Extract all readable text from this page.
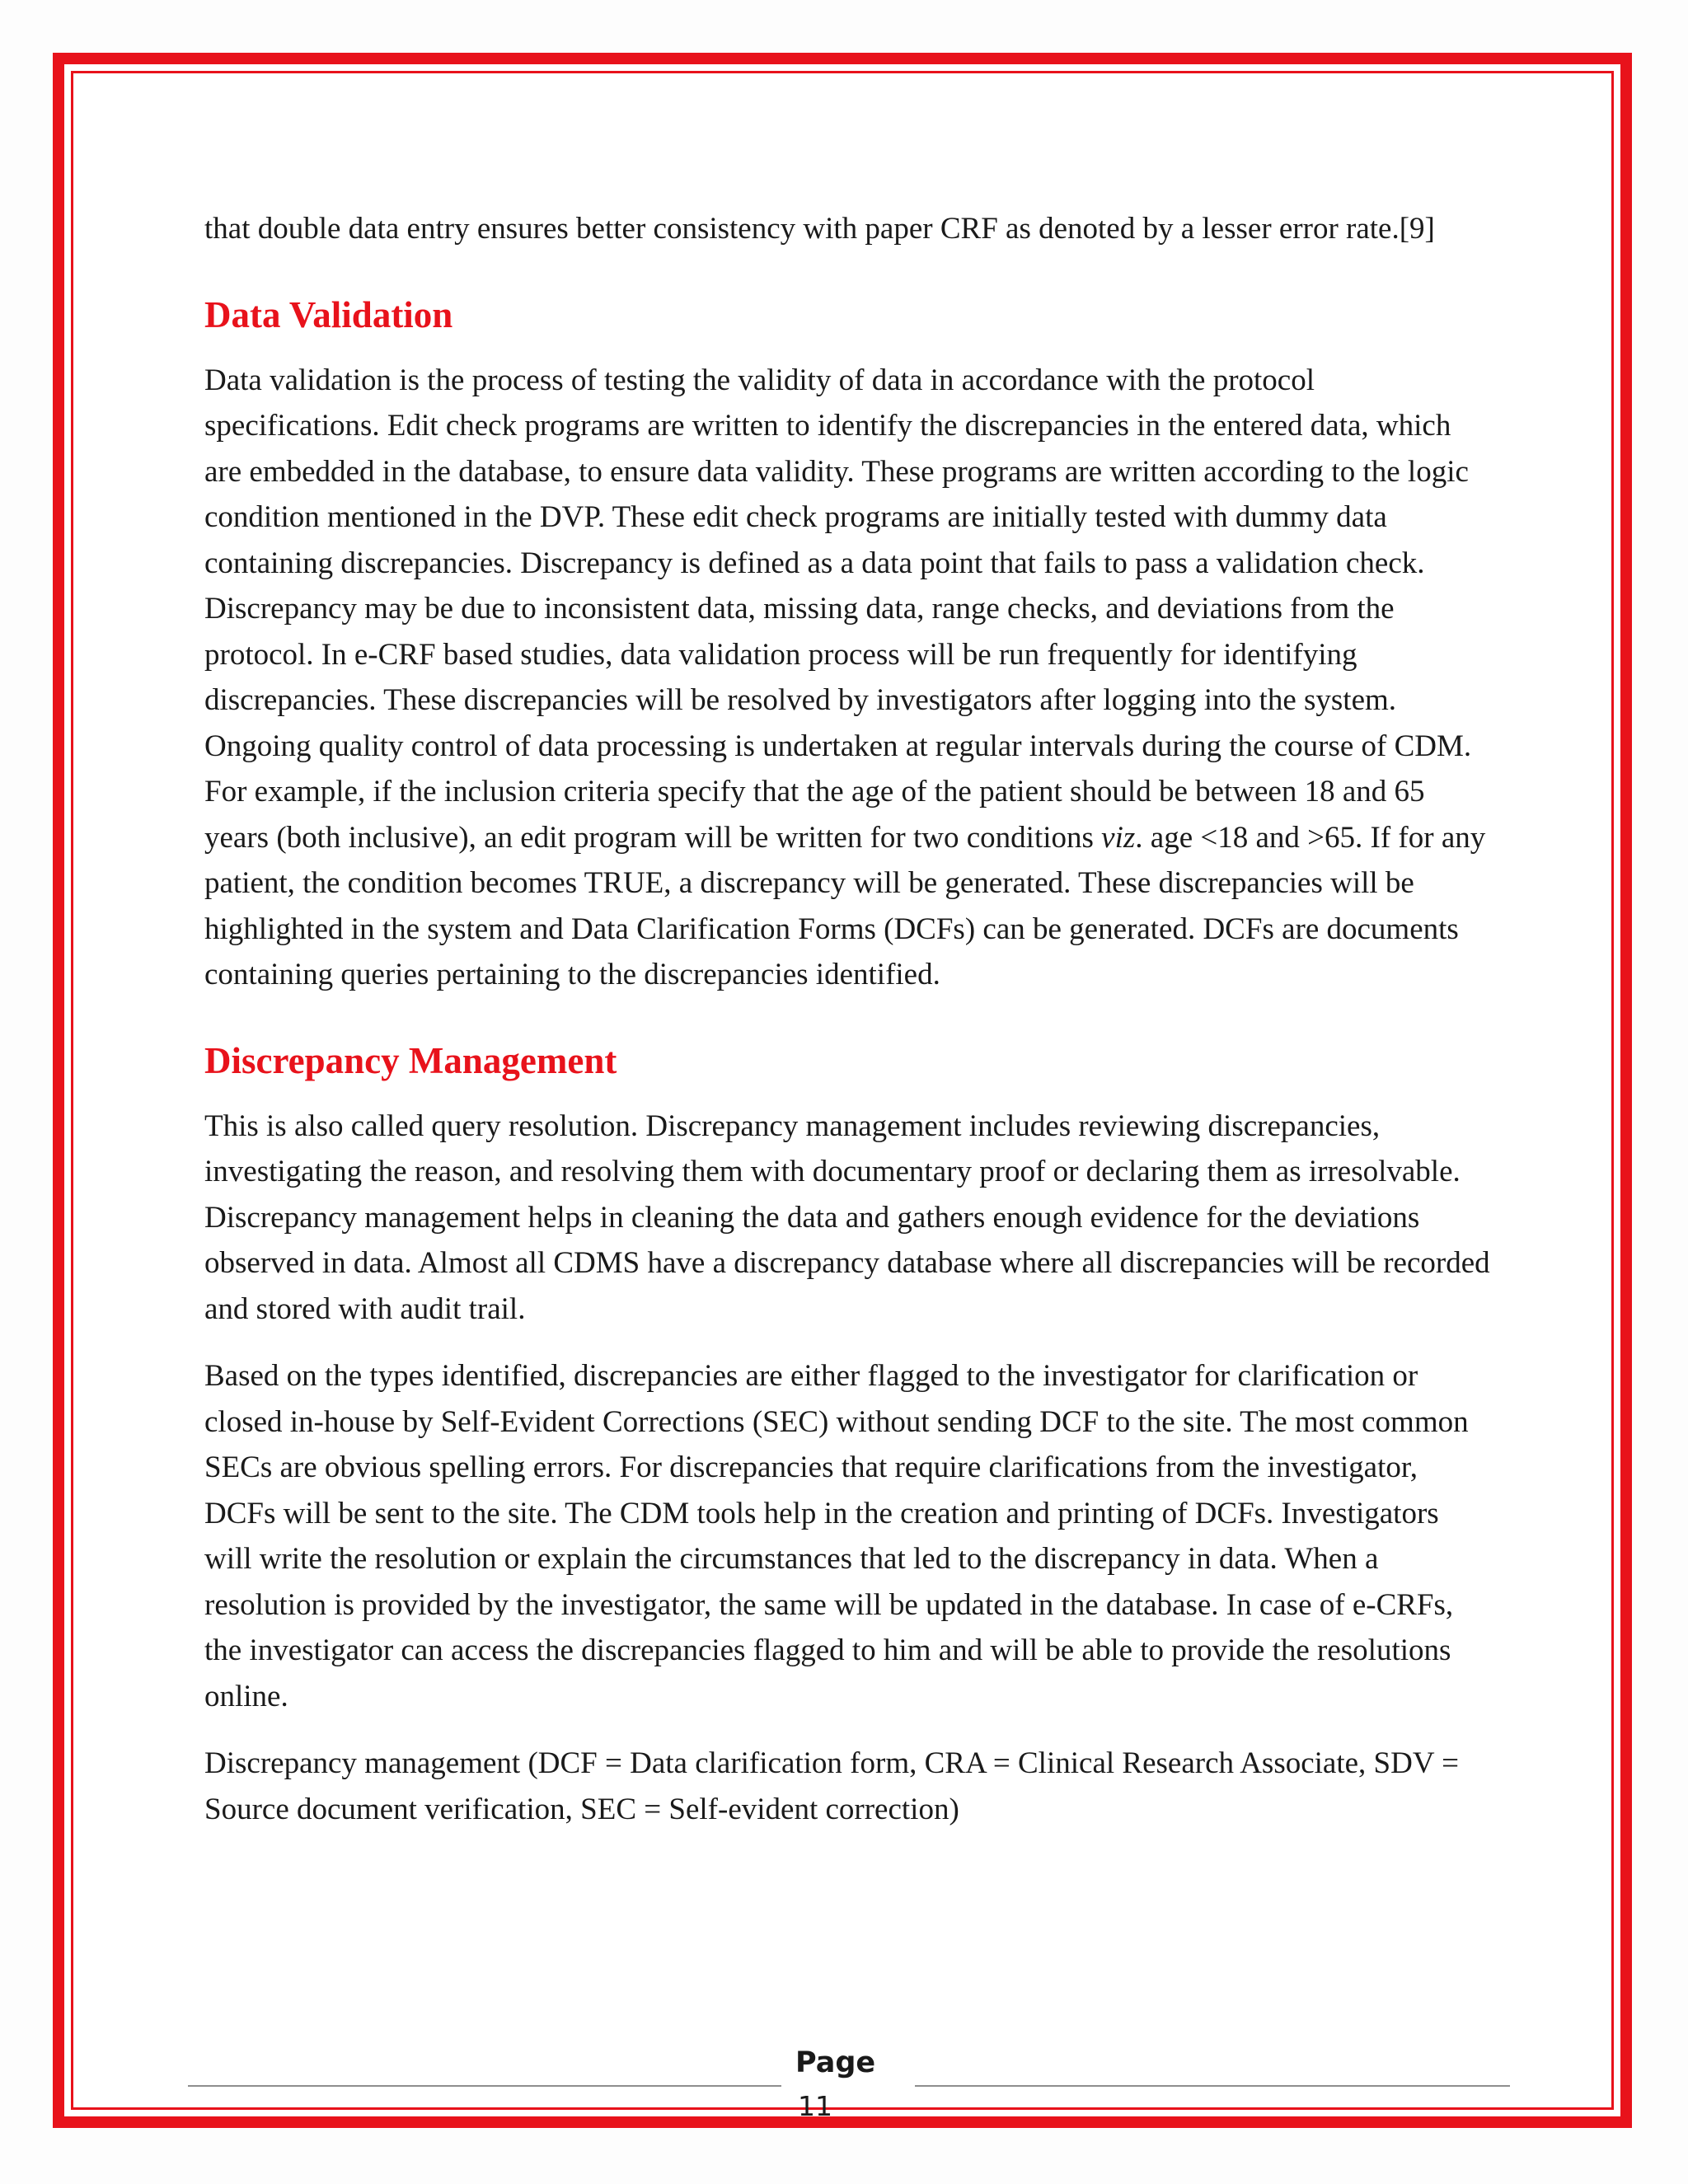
that double data entry ensures better consistency with paper CRF as denoted by a lesser error rate.[9]

Data Validation

Data validation is the process of testing the validity of data in accordance with the protocol specifications. Edit check programs are written to identify the discrepancies in the entered data, which are embedded in the database, to ensure data validity. These programs are written according to the logic condition mentioned in the DVP. These edit check programs are initially tested with dummy data containing discrepancies. Discrepancy is defined as a data point that fails to pass a validation check. Discrepancy may be due to inconsistent data, missing data, range checks, and deviations from the protocol. In e-CRF based studies, data validation process will be run frequently for identifying discrepancies. These discrepancies will be resolved by investigators after logging into the system. Ongoing quality control of data processing is undertaken at regular intervals during the course of CDM. For example, if the inclusion criteria specify that the age of the patient should be between 18 and 65 years (both inclusive), an edit program will be written for two conditions viz. age <18 and >65. If for any patient, the condition becomes TRUE, a discrepancy will be generated. These discrepancies will be highlighted in the system and Data Clarification Forms (DCFs) can be generated. DCFs are documents containing queries pertaining to the discrepancies identified.

Discrepancy Management

This is also called query resolution. Discrepancy management includes reviewing discrepancies, investigating the reason, and resolving them with documentary proof or declaring them as irresolvable. Discrepancy management helps in cleaning the data and gathers enough evidence for the deviations observed in data. Almost all CDMS have a discrepancy database where all discrepancies will be recorded and stored with audit trail.

Based on the types identified, discrepancies are either flagged to the investigator for clarification or closed in-house by Self-Evident Corrections (SEC) without sending DCF to the site. The most common SECs are obvious spelling errors. For discrepancies that require clarifications from the investigator, DCFs will be sent to the site. The CDM tools help in the creation and printing of DCFs. Investigators will write the resolution or explain the circumstances that led to the discrepancy in data. When a resolution is provided by the investigator, the same will be updated in the database. In case of e-CRFs, the investigator can access the discrepancies flagged to him and will be able to provide the resolutions online.

Discrepancy management (DCF = Data clarification form, CRA = Clinical Research Associate, SDV = Source document verification, SEC = Self-evident correction)

Page
11
